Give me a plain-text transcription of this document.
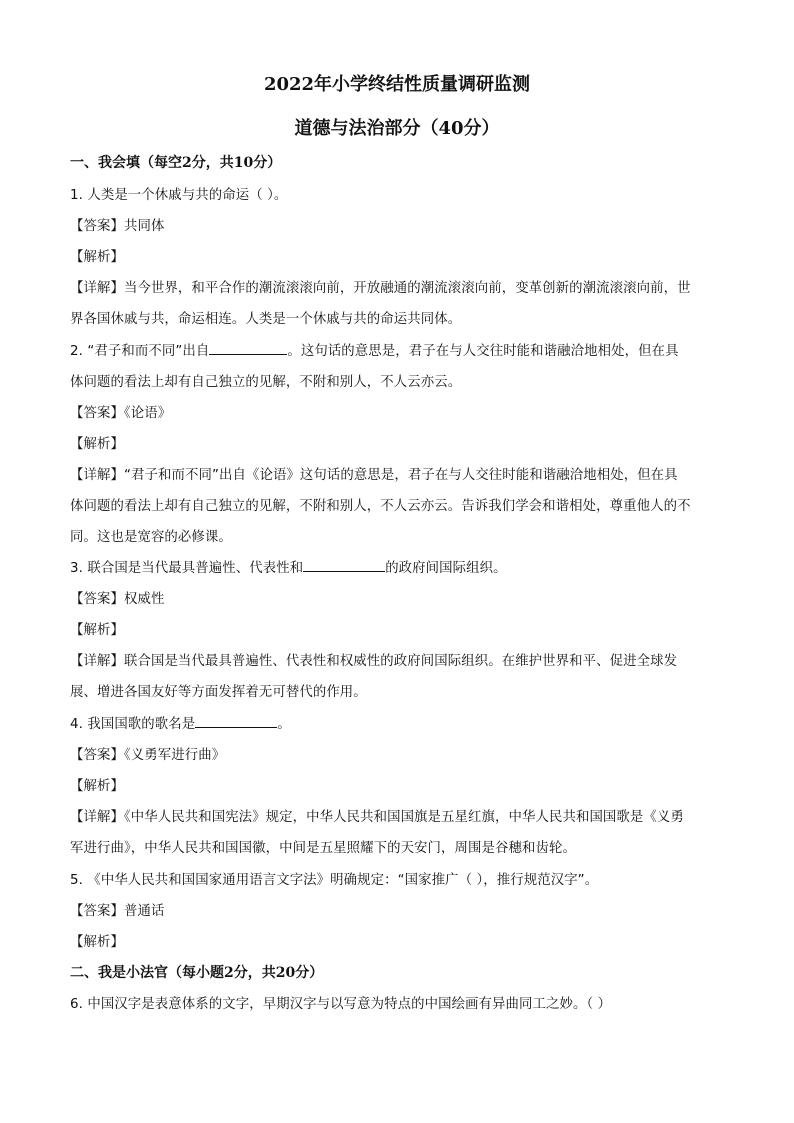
2022年小学终结性质量调研监测
道德与法治部分（40分）
一、我会填（每空2分，共10分）
1. 人类是一个休戚与共的命运（ ）。
【答案】共同体
【解析】
【详解】当今世界，和平合作的潮流滚滚向前，开放融通的潮流滚滚向前，变革创新的潮流滚滚向前，世
界各国休戚与共，命运相连。人类是一个休戚与共的命运共同体。
2. “君子和而不同”出自	。这句话的意思是，君子在与人交往时能和谐融洽地相处，但在具
体问题的看法上却有自己独立的见解，不附和别人，不人云亦云。
【答案】《论语》
【解析】
【详解】“君子和而不同”出自《论语》这句话的意思是，君子在与人交往时能和谐融洽地相处，但在具
体问题的看法上却有自己独立的见解，不附和别人，不人云亦云。告诉我们学会和谐相处，尊重他人的不
同。这也是宽容的必修课。
3. 联合国是当代最具普遍性、代表性和	的政府间国际组织。
【答案】权威性
【解析】
【详解】联合国是当代最具普遍性、代表性和权威性的政府间国际组织。在维护世界和平、促进全球发
展、增进各国友好等方面发挥着无可替代的作用。
4. 我国国歌的歌名是	。
【答案】《义勇军进行曲》
【解析】
【详解】《中华人民共和国宪法》规定，中华人民共和国国旗是五星红旗，中华人民共和国国歌是《义勇
军进行曲》，中华人民共和国国徽，中间是五星照耀下的天安门，周围是谷穗和齿轮。
5. 《中华人民共和国国家通用语言文字法》明确规定：“国家推广（ ），推行规范汉字”。
【答案】普通话
【解析】
二、我是小法官（每小题2分，共20分）
6. 中国汉字是表意体系的文字，早期汉字与以写意为特点的中国绘画有异曲同工之妙。（ ）
